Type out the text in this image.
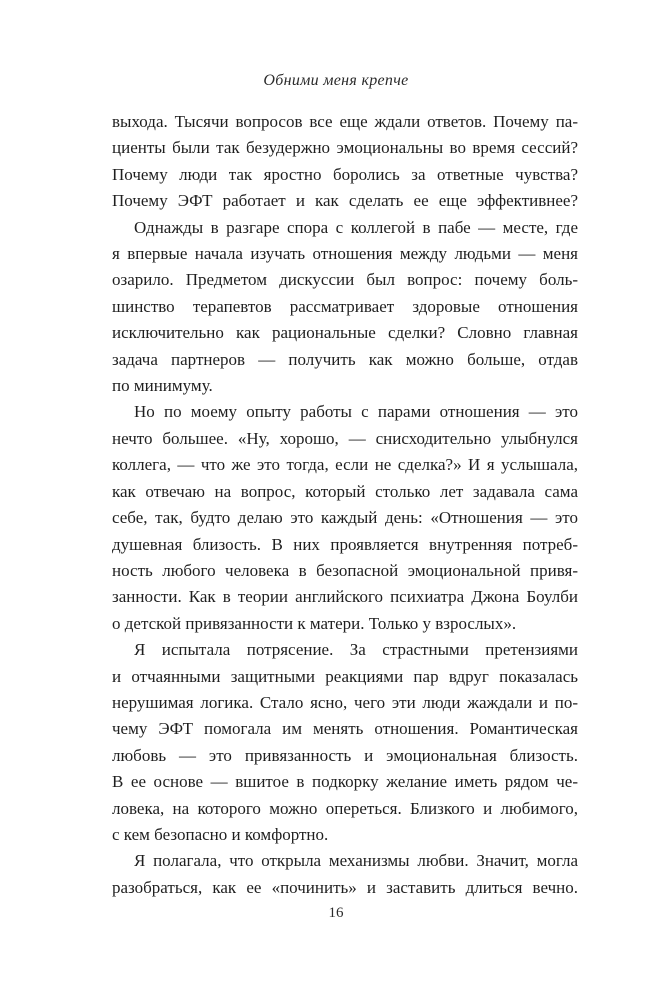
Обними меня крепче
выхода. Тысячи вопросов все еще ждали ответов. Почему па-
циенты были так безудержно эмоциональны во время сессий?
Почему люди так яростно боролись за ответные чувства?
Почему ЭФТ работает и как сделать ее еще эффективнее?
Однажды в разгаре спора с коллегой в пабе — месте, где
я впервые начала изучать отношения между людьми — меня
озарило. Предметом дискуссии был вопрос: почему боль-
шинство терапевтов рассматривает здоровые отношения
исключительно как рациональные сделки? Словно главная
задача партнеров — получить как можно больше, отдав
по минимуму.
Но по моему опыту работы с парами отношения — это
нечто большее. «Ну, хорошо, — снисходительно улыбнулся
коллега, — что же это тогда, если не сделка?» И я услышала,
как отвечаю на вопрос, который столько лет задавала сама
себе, так, будто делаю это каждый день: «Отношения — это
душевная близость. В них проявляется внутренняя потреб-
ность любого человека в безопасной эмоциональной привя-
занности. Как в теории английского психиатра Джона Боулби
о детской привязанности к матери. Только у взрослых».
Я испытала потрясение. За страстными претензиями
и отчаянными защитными реакциями пар вдруг показалась
нерушимая логика. Стало ясно, чего эти люди жаждали и по-
чему ЭФТ помогала им менять отношения. Романтическая
любовь — это привязанность и эмоциональная близость.
В ее основе — вшитое в подкорку желание иметь рядом че-
ловека, на которого можно опереться. Близкого и любимого,
с кем безопасно и комфортно.
Я полагала, что открыла механизмы любви. Значит, могла
разобраться, как ее «починить» и заставить длиться вечно.
16
